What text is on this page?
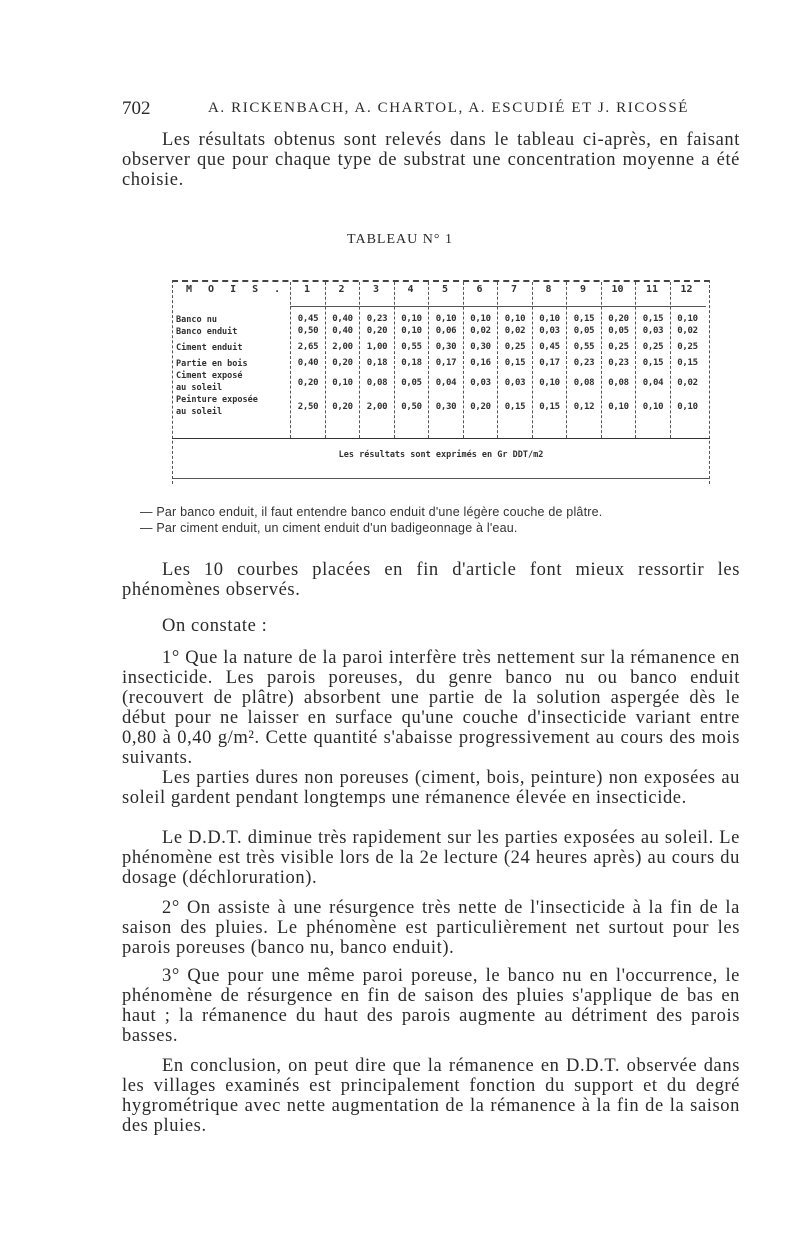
702	A. RICKENBACH, A. CHARTOL, A. ESCUDIÉ ET J. RICOSSÉ
Les résultats obtenus sont relevés dans le tableau ci-après, en faisant observer que pour chaque type de substrat une concentration moyenne a été choisie.
TABLEAU N° 1
M O I S .
Les résultats sont exprimés en Gr DDT/m2
1	2	3	4	5	6	7	8	9	10	11	12
Banco nu	0,45	0,40	0,23	0,10	0,10	0,10	0,10	0,10	0,15	0,20	0,15	0,10
Banco enduit	0,50	0,40	0,20	0,10	0,06	0,02	0,02	0,03	0,05	0,05	0,03	0,02
Ciment enduit	2,65	2,00	1,00	0,55	0,30	0,30	0,25	0,45	0,55	0,25	0,25	0,25
Partie en bois	0,40	0,20	0,18	0,18	0,17	0,16	0,15	0,17	0,23	0,23	0,15	0,15
Ciment exposé
au soleil	0,20	0,10	0,08	0,05	0,04	0,03	0,03	0,10	0,08	0,08	0,04	0,02
Peinture exposée
au soleil	2,50	0,20	2,00	0,50	0,30	0,20	0,15	0,15	0,12	0,10	0,10	0,10
— Par banco enduit, il faut entendre banco enduit d'une légère couche de plâtre.
— Par ciment enduit, un ciment enduit d'un badigeonnage à l'eau.
Les 10 courbes placées en fin d'article font mieux ressortir les phénomènes observés.
On constate :
1° Que la nature de la paroi interfère très nettement sur la rémanence en insecticide. Les parois poreuses, du genre banco nu ou banco enduit (recouvert de plâtre) absorbent une partie de la solution aspergée dès le début pour ne laisser en surface qu'une couche d'insecticide variant entre 0,80 à 0,40 g/m². Cette quantité s'abaisse progressivement au cours des mois suivants.
Les parties dures non poreuses (ciment, bois, peinture) non exposées au soleil gardent pendant longtemps une rémanence élevée en insecticide.
Le D.D.T. diminue très rapidement sur les parties exposées au soleil. Le phénomène est très visible lors de la 2e lecture (24 heures après) au cours du dosage (déchloruration).
2° On assiste à une résurgence très nette de l'insecticide à la fin de la saison des pluies. Le phénomène est particulièrement net surtout pour les parois poreuses (banco nu, banco enduit).
3° Que pour une même paroi poreuse, le banco nu en l'occurrence, le phénomène de résurgence en fin de saison des pluies s'applique de bas en haut ; la rémanence du haut des parois augmente au détriment des parois basses.
En conclusion, on peut dire que la rémanence en D.D.T. observée dans les villages examinés est principalement fonction du support et du degré hygrométrique avec nette augmentation de la rémanence à la fin de la saison des pluies.
